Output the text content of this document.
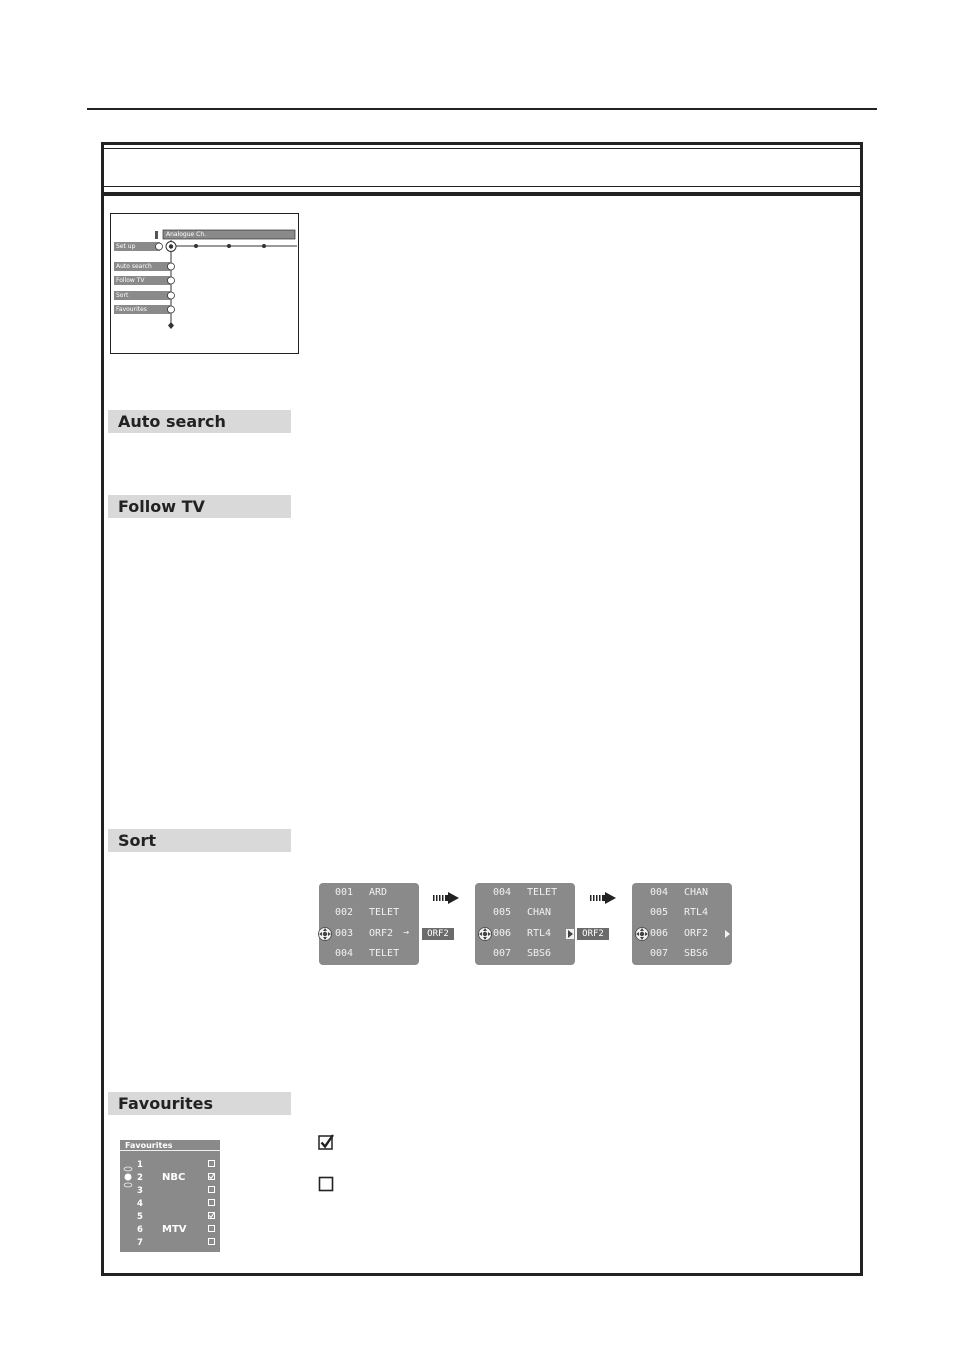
Analogue Ch.
Set up
Auto search
Follow TV
Sort
Favourites
Auto search
Follow TV
Sort
Favourites
001 ARD
002 TELET
003 ORF2 →
004 TELET
ORF2
004 TELET
005 CHAN
006 RTL4
007 SBS6
ORF2
004 CHAN
005 RTL4
006 ORF2
007 SBS6
Favourites
1
2 NBC
3
4
5
6 MTV
7
